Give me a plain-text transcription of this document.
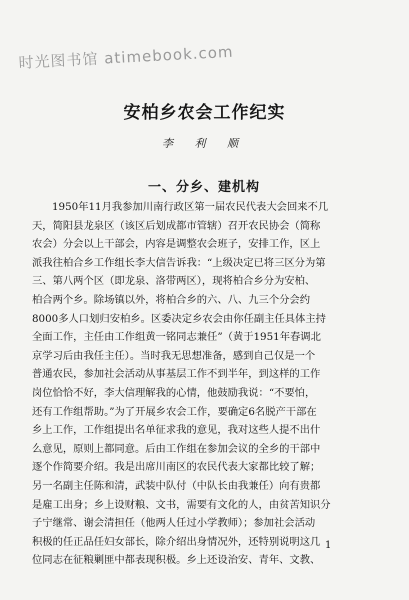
时光图书馆 atimebook.com
安柏乡农会工作纪实
李 利 顺
一、分乡、建机构
1950年11月我参加川南行政区第一届农民代表大会回来不几
天，简阳县龙泉区（该区后划成都市管辖）召开农民协会（简称
农会）分会以上干部会，内容是调整农会班子，安排工作，区上
派我往柏合乡工作组长李大信告诉我：“上级决定已将三区分为第
三、第八两个区（即龙泉、洛带两区），现将柏合乡分为安柏、
柏合两个乡。除场镇以外，将柏合乡的六、八、九三个分会约
8000多人口划归安柏乡。区委决定乡农会由你任副主任具体主持
全面工作，主任由工作组黄一铭同志兼任”（黄于1951年春调北
京学习后由我任主任）。当时我无思想准备，感到自己仅是一个
普通农民，参加社会活动从事基层工作不到半年，到这样的工作
岗位恰恰不好，李大信理解我的心情，他鼓励我说：“不要怕，
还有工作组帮助。”为了开展乡农会工作，要确定6名脱产干部在
乡上工作，工作组提出名单征求我的意见，我对这些人提不出什
么意见，原则上都同意。后由工作组在参加会议的全乡的干部中
逐个作简要介绍。我是出席川南区的农民代表大家都比较了解；
另一名副主任陈和清，武装中队付（中队长由我兼任）向有贵都
是雇工出身；乡上设财粮、文书，需要有文化的人，由贫苦知识分
子宁继常、谢会清担任（他两人任过小学教师）；参加社会活动
积极的任正品任妇女部长，除介绍出身情况外，还特别说明这几
位同志在征粮剿匪中都表现积极。乡上还设治安、青年、文教、
1
